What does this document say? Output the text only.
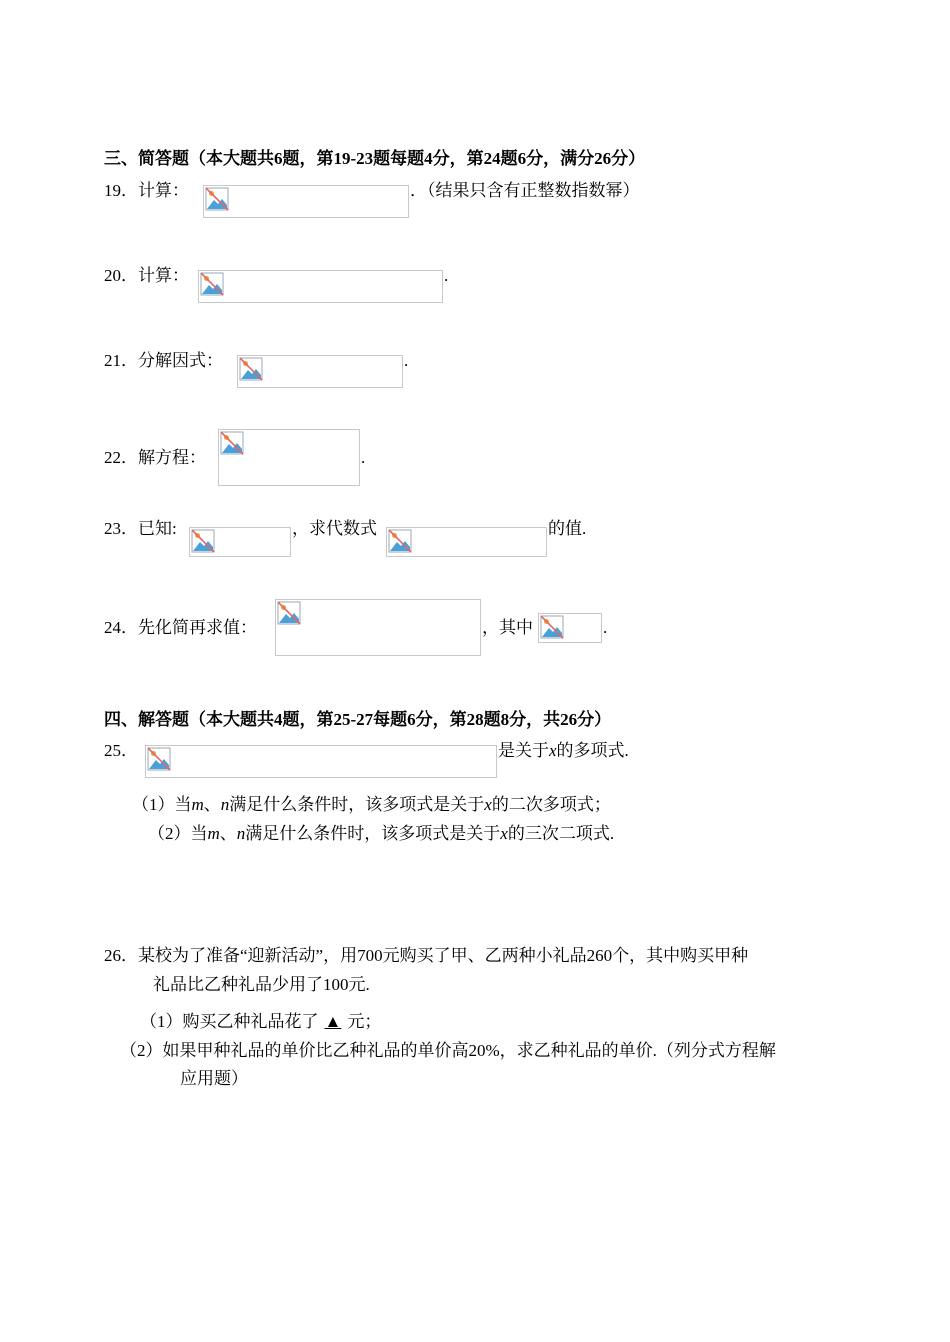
三、简答题（本大题共6题，第19-23题每题4分，第24题6分，满分26分）
19．计算：	．（结果只含有正整数指数幂）
20．计算：	.
21．分解因式：	.
22．解方程：	.
23．已知:	，求代数式	的值.
24．先化简再求值：	，其中	.
四、解答题（本大题共4题，第25-27每题6分，第28题8分，共26分）
25．	是关于x的多项式.
（1）当m、n满足什么条件时，该多项式是关于x的二次多项式；
（2）当m、n满足什么条件时，该多项式是关于x的三次二项式.
26．某校为了准备“迎新活动”，用700元购买了甲、乙两种小礼品260个，其中购买甲种
礼品比乙种礼品少用了100元.
（1）购买乙种礼品花了 ▲ 元；
（2）如果甲种礼品的单价比乙种礼品的单价高20%，求乙种礼品的单价.（列分式方程解
应用题）
